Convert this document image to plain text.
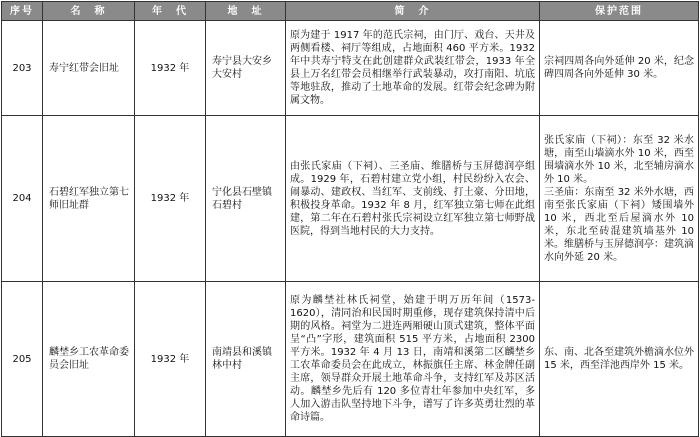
序号	名　称	年　代	地　址	简　介	保护范围
203	寿宁红带会旧址	1932 年	寿宁县大安乡大安村	原为建于 1917 年的范氏宗祠，由门厅、戏台、天井及两侧看楼、祠厅等组成，占地面积 460 平方米。1932 年中共寿宁特支在此创建群众武装红带会，1933 年全县上万名红带会员相继举行武装暴动，攻打南阳、坑底等地驻敌，推动了土地革命的发展。红带会纪念碑为附属文物。	宗祠四周各向外延伸 20 米，纪念碑四周各向外延伸 30 米。

204	石碧红军独立第七师旧址群	1932 年	宁化县石壁镇石碧村	由张氏家庙（下祠）、三圣庙、维膳桥与玉屏德润亭组成。1929 年，石碧村建立党小组，村民纷纷入农会、闹暴动、建政权、当红军、支前线、打土豪、分田地，积极投身革命。1932 年 8 月，红军独立第七师在此组建，第二年在石碧村张氏宗祠设立红军独立第七师野战医院，得到当地村民的大力支持。	张氏家庙（下祠）：东至 32 米水塘，南至山墙滴水外 10 米，西至围墙滴水外 10 米，北至辅房滴水外 10 米。
三圣庙：东南至 32 米外水塘，西南至张氏家庙（下祠）矮围墙外 10 米，西北至后屋滴水外 10 米，东北至砖混建筑墙基外 10 米。维膳桥与玉屏德润亭：建筑滴水向外延 20 米。

205	麟埜乡工农革命委员会旧址	1932 年	南靖县和溪镇林中村	原为麟埜社林氏祠堂，始建于明万历年间（1573-1620），清同治和民国时期重修，现存建筑保持清中后期的风格。祠堂为二进连两厢硬山顶式建筑，整体平面呈“凸”字形，建筑面积 515 平方米，占地面积 2300 平方米。1932 年 4 月 13 日，南靖和溪第二区麟埜乡工农革命委员会在此成立，林振旗任主席、林金牌任副主席，领导群众开展土地革命斗争，支持红军及苏区活动。麟埜乡先后有 120 多位青壮年参加中央红军，多人加入游击队坚持地下斗争，谱写了许多英勇壮烈的革命诗篇。	东、南、北各至建筑外檐滴水位外 15 米，西至洋池西岸外 15 米。
